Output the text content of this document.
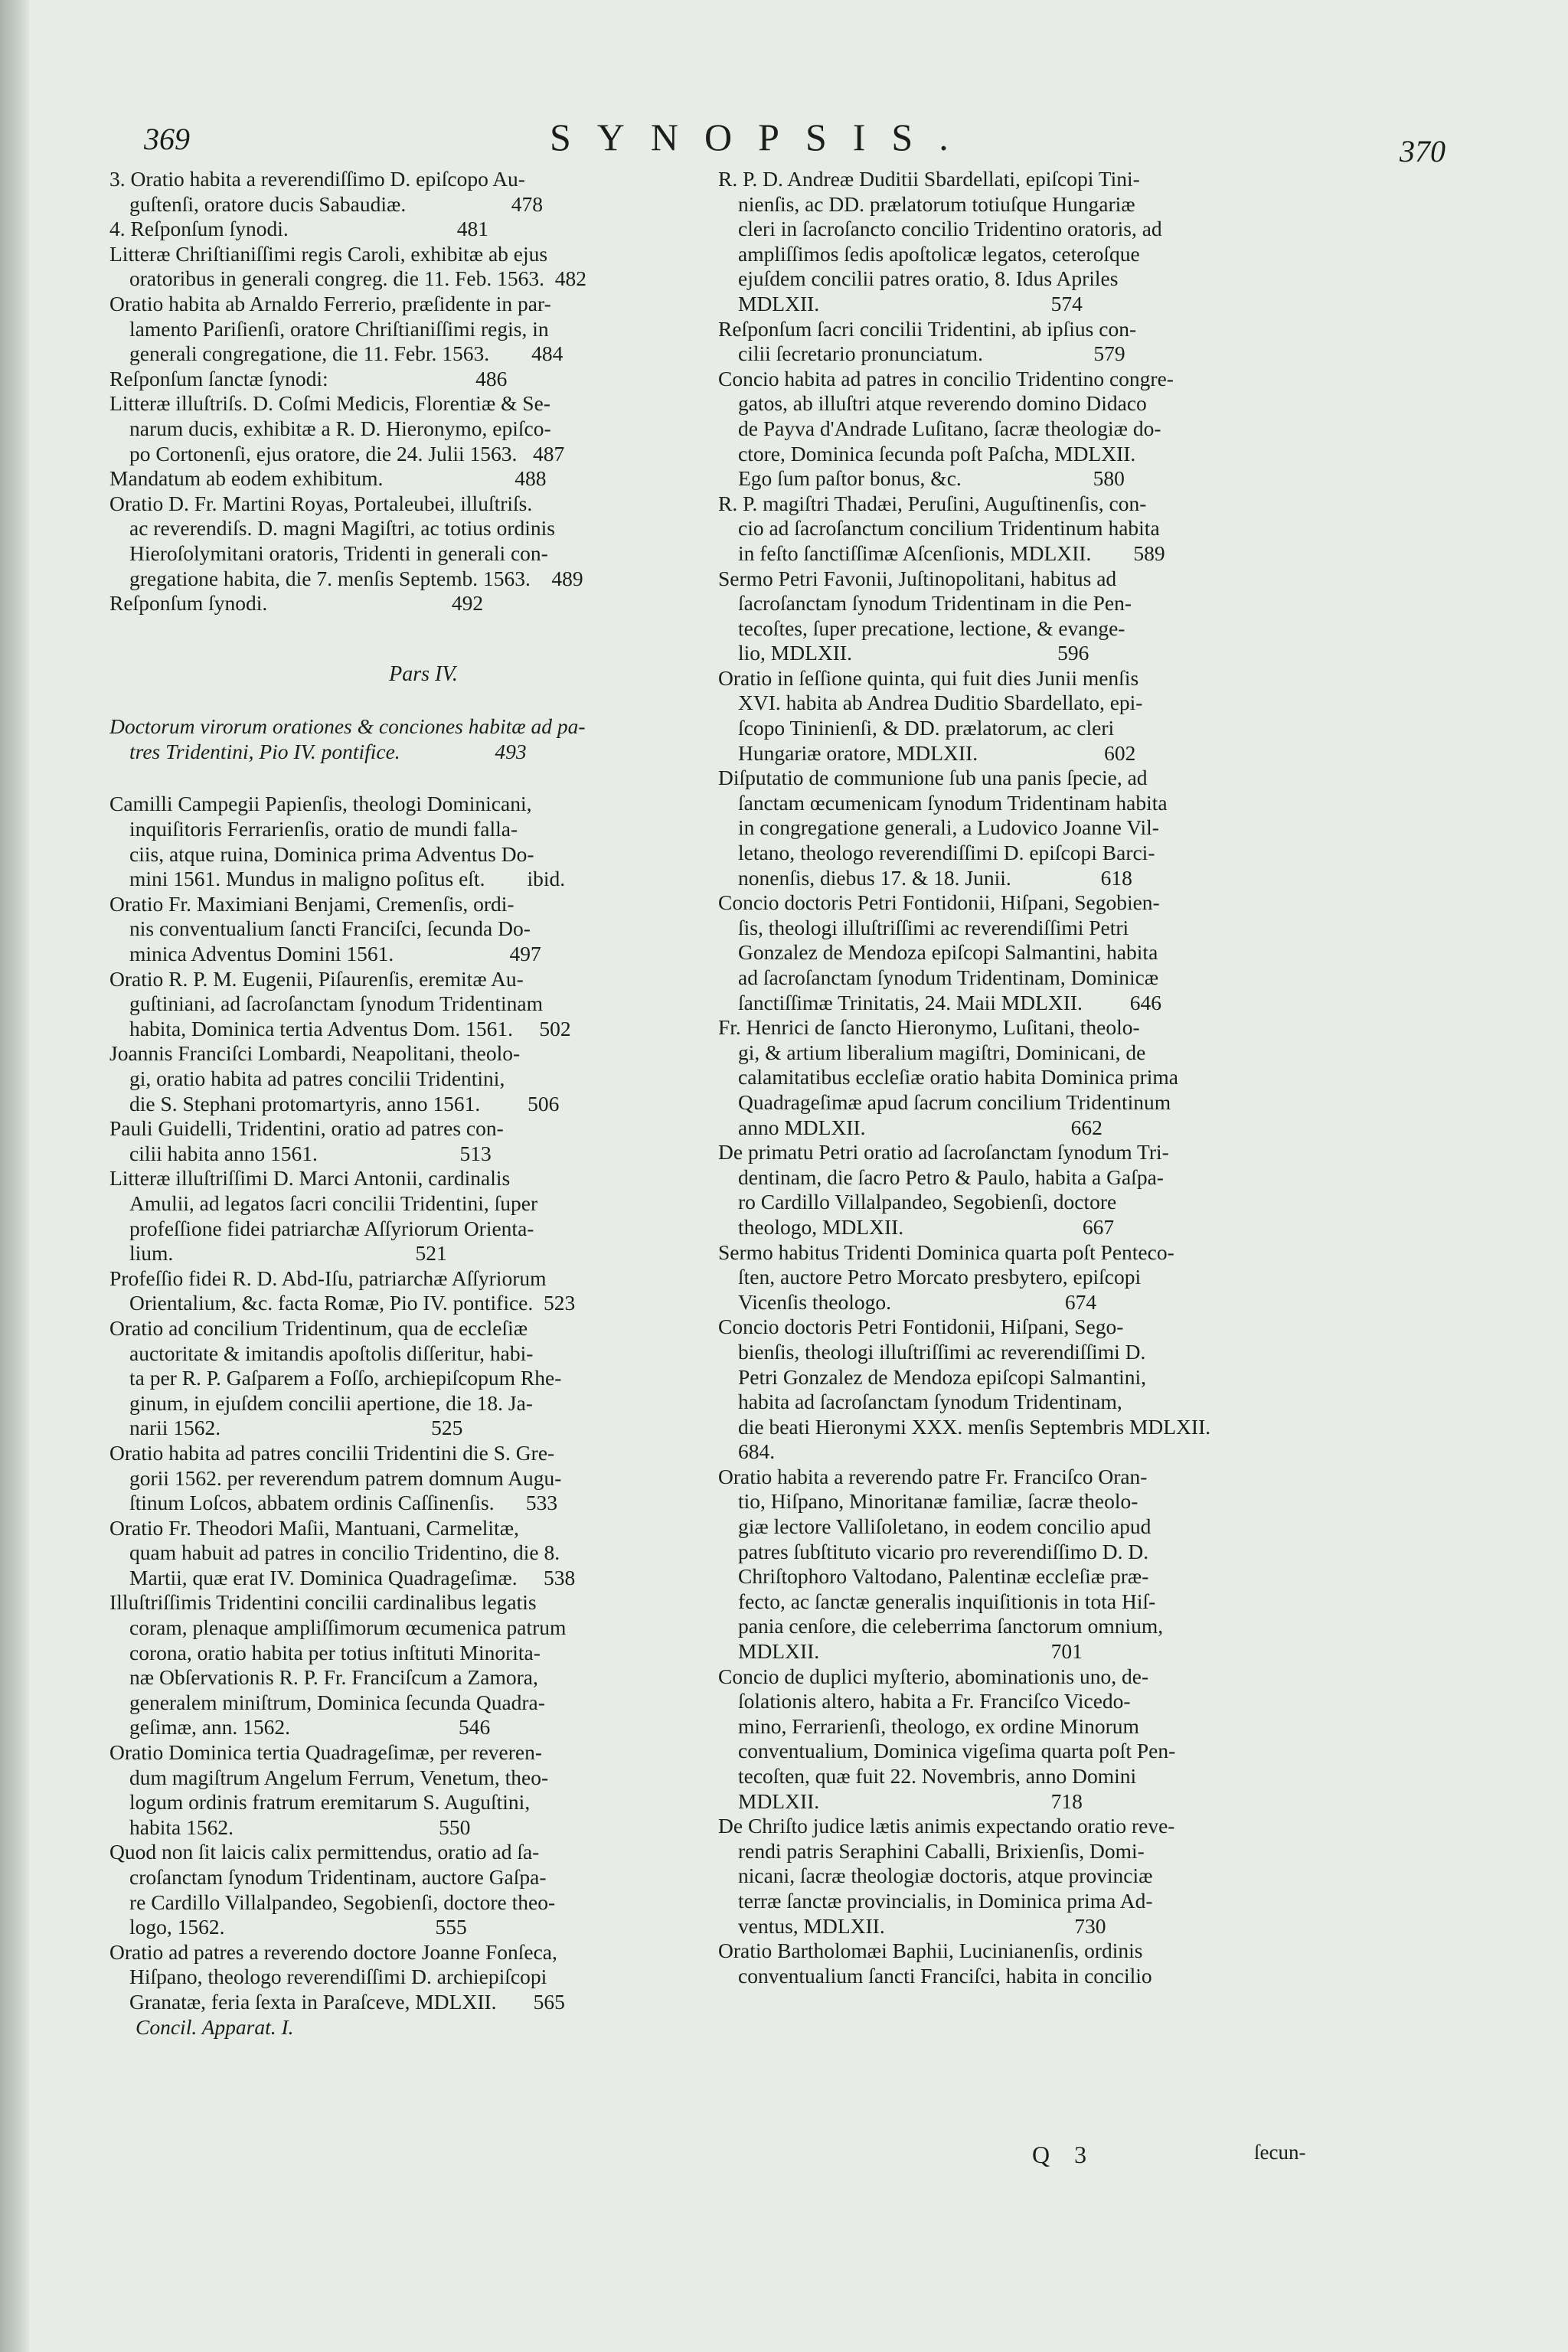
369	SYNOPSIS.	370
3. Oratio habita a reverendiſſimo D. epiſcopo Au-
guſtenſi, oratore ducis Sabaudiæ.                    478
4. Reſponſum ſynodi.                                481
Litteræ Chriſtianiſſimi regis Caroli, exhibitæ ab ejus
oratoribus in generali congreg. die 11. Feb. 1563.  482
Oratio habita ab Arnaldo Ferrerio, præſidente in par-
lamento Pariſienſi, oratore Chriſtianiſſimi regis, in
generali congregatione, die 11. Febr. 1563.        484
Reſponſum ſanctæ ſynodi:                            486
Litteræ illuſtriſs. D. Coſmi Medicis, Florentiæ & Se-
narum ducis, exhibitæ a R. D. Hieronymo, epiſco-
po Cortonenſi, ejus oratore, die 24. Julii 1563.   487
Mandatum ab eodem exhibitum.                         488
Oratio D. Fr. Martini Royas, Portaleubei, illuſtriſs.
ac reverendiſs. D. magni Magiſtri, ac totius ordinis
Hieroſolymitani oratoris, Tridenti in generali con-
gregatione habita, die 7. menſis Septemb. 1563.    489
Reſponſum ſynodi.                                   492

Pars IV.

Doctorum virorum orationes & conciones habitæ ad pa-
tres Tridentini, Pio IV. pontifice.                  493
Camilli Campegii Papienſis, theologi Dominicani,
inquiſitoris Ferrarienſis, oratio de mundi falla-
ciis, atque ruina, Dominica prima Adventus Do-
mini 1561. Mundus in maligno poſitus eſt.        ibid.
Oratio Fr. Maximiani Benjami, Cremenſis, ordi-
nis conventualium ſancti Franciſci, ſecunda Do-
minica Adventus Domini 1561.                      497
Oratio R. P. M. Eugenii, Piſaurenſis, eremitæ Au-
guſtiniani, ad ſacroſanctam ſynodum Tridentinam
habita, Dominica tertia Adventus Dom. 1561.     502
Joannis Franciſci Lombardi, Neapolitani, theolo-
gi, oratio habita ad patres concilii Tridentini,
die S. Stephani protomartyris, anno 1561.         506
Pauli Guidelli, Tridentini, oratio ad patres con-
cilii habita anno 1561.                           513
Litteræ illuſtriſſimi D. Marci Antonii, cardinalis
Amulii, ad legatos ſacri concilii Tridentini, ſuper
profeſſione fidei patriarchæ Aſſyriorum Orienta-
lium.                                              521
Profeſſio fidei R. D. Abd-Iſu, patriarchæ Aſſyriorum
Orientalium, &c. facta Romæ, Pio IV. pontifice.  523
Oratio ad concilium Tridentinum, qua de eccleſiæ
auctoritate & imitandis apoſtolis diſſeritur, habi-
ta per R. P. Gaſparem a Foſſo, archiepiſcopum Rhe-
ginum, in ejuſdem concilii apertione, die 18. Ja-
narii 1562.                                        525
Oratio habita ad patres concilii Tridentini die S. Gre-
gorii 1562. per reverendum patrem domnum Augu-
ſtinum Loſcos, abbatem ordinis Caſſinenſis.      533
Oratio Fr. Theodori Maſii, Mantuani, Carmelitæ,
quam habuit ad patres in concilio Tridentino, die 8.
Martii, quæ erat IV. Dominica Quadrageſimæ.     538
Illuſtriſſimis Tridentini concilii cardinalibus legatis
coram, plenaque ampliſſimorum œcumenica patrum
corona, oratio habita per totius inſtituti Minorita-
næ Obſervationis R. P. Fr. Franciſcum a Zamora,
generalem miniſtrum, Dominica ſecunda Quadra-
geſimæ, ann. 1562.                                546
Oratio Dominica tertia Quadrageſimæ, per reveren-
dum magiſtrum Angelum Ferrum, Venetum, theo-
logum ordinis fratrum eremitarum S. Auguſtini,
habita 1562.                                       550
Quod non ſit laicis calix permittendus, oratio ad ſa-
croſanctam ſynodum Tridentinam, auctore Gaſpa-
re Cardillo Villalpandeo, Segobienſi, doctore theo-
logo, 1562.                                        555
Oratio ad patres a reverendo doctore Joanne Fonſeca,
Hiſpano, theologo reverendiſſimi D. archiepiſcopi
Granatæ, feria ſexta in Paraſceve, MDLXII.       565
Concil. Apparat. I.
R. P. D. Andreæ Duditii Sbardellati, epiſcopi Tini-
nienſis, ac DD. prælatorum totiuſque Hungariæ
cleri in ſacroſancto concilio Tridentino oratoris, ad
ampliſſimos ſedis apoſtolicæ legatos, ceteroſque
ejuſdem concilii patres oratio, 8. Idus Apriles
MDLXII.                                            574
Reſponſum ſacri concilii Tridentini, ab ipſius con-
cilii ſecretario pronunciatum.                     579
Concio habita ad patres in concilio Tridentino congre-
gatos, ab illuſtri atque reverendo domino Didaco
de Payva d'Andrade Luſitano, ſacræ theologiæ do-
ctore, Dominica ſecunda poſt Paſcha, MDLXII.
Ego ſum paſtor bonus, &c.                         580
R. P. magiſtri Thadæi, Peruſini, Auguſtinenſis, con-
cio ad ſacroſanctum concilium Tridentinum habita
in feſto ſanctiſſimæ Aſcenſionis, MDLXII.        589
Sermo Petri Favonii, Juſtinopolitani, habitus ad
ſacroſanctam ſynodum Tridentinam in die Pen-
tecoſtes, ſuper precatione, lectione, & evange-
lio, MDLXII.                                       596
Oratio in ſeſſione quinta, qui fuit dies Junii menſis
XVI. habita ab Andrea Duditio Sbardellato, epi-
ſcopo Tininienſi, & DD. prælatorum, ac cleri
Hungariæ oratore, MDLXII.                        602
Diſputatio de communione ſub una panis ſpecie, ad
ſanctam œcumenicam ſynodum Tridentinam habita
in congregatione generali, a Ludovico Joanne Vil-
letano, theologo reverendiſſimi D. epiſcopi Barci-
nonenſis, diebus 17. & 18. Junii.                 618
Concio doctoris Petri Fontidonii, Hiſpani, Segobien-
ſis, theologi illuſtriſſimi ac reverendiſſimi Petri
Gonzalez de Mendoza epiſcopi Salmantini, habita
ad ſacroſanctam ſynodum Tridentinam, Dominicæ
ſanctiſſimæ Trinitatis, 24. Maii MDLXII.         646
Fr. Henrici de ſancto Hieronymo, Luſitani, theolo-
gi, & artium liberalium magiſtri, Dominicani, de
calamitatibus eccleſiæ oratio habita Dominica prima
Quadrageſimæ apud ſacrum concilium Tridentinum
anno MDLXII.                                       662
De primatu Petri oratio ad ſacroſanctam ſynodum Tri-
dentinam, die ſacro Petro & Paulo, habita a Gaſpa-
ro Cardillo Villalpandeo, Segobienſi, doctore
theologo, MDLXII.                                  667
Sermo habitus Tridenti Dominica quarta poſt Penteco-
ſten, auctore Petro Morcato presbytero, epiſcopi
Vicenſis theologo.                                 674
Concio doctoris Petri Fontidonii, Hiſpani, Sego-
bienſis, theologi illuſtriſſimi ac reverendiſſimi D.
Petri Gonzalez de Mendoza epiſcopi Salmantini,
habita ad ſacroſanctam ſynodum Tridentinam,
die beati Hieronymi XXX. menſis Septembris MDLXII.
684.
Oratio habita a reverendo patre Fr. Franciſco Oran-
tio, Hiſpano, Minoritanæ familiæ, ſacræ theolo-
giæ lectore Valliſoletano, in eodem concilio apud
patres ſubſtituto vicario pro reverendiſſimo D. D.
Chriſtophoro Valtodano, Palentinæ eccleſiæ præ-
fecto, ac ſanctæ generalis inquiſitionis in tota Hiſ-
pania cenſore, die celeberrima ſanctorum omnium,
MDLXII.                                            701
Concio de duplici myſterio, abominationis uno, de-
ſolationis altero, habita a Fr. Franciſco Vicedo-
mino, Ferrarienſi, theologo, ex ordine Minorum
conventualium, Dominica vigeſima quarta poſt Pen-
tecoſten, quæ fuit 22. Novembris, anno Domini
MDLXII.                                            718
De Chriſto judice lætis animis expectando oratio reve-
rendi patris Seraphini Caballi, Brixienſis, Domi-
nicani, ſacræ theologiæ doctoris, atque provinciæ
terræ ſanctæ provincialis, in Dominica prima Ad-
ventus, MDLXII.                                    730
Oratio Bartholomæi Baphii, Lucinianenſis, ordinis
conventualium ſancti Franciſci, habita in concilio
Q 3	ſecun-
